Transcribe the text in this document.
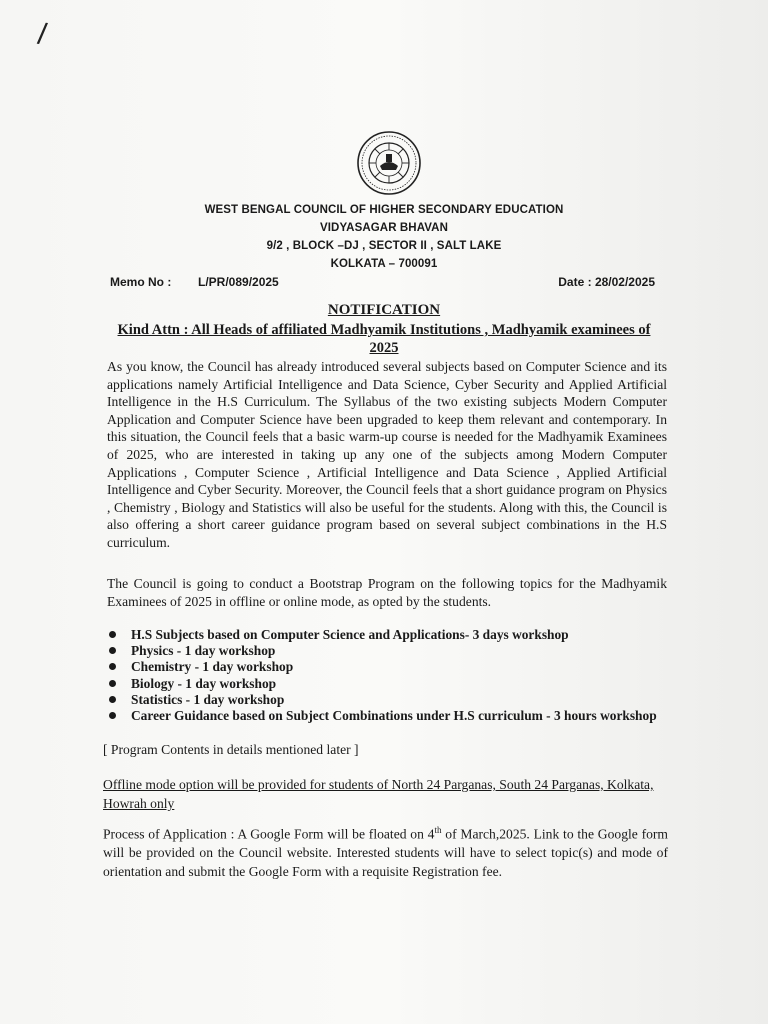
/
WEST BENGAL COUNCIL OF HIGHER SECONDARY EDUCATION
VIDYASAGAR BHAVAN
9/2 , BLOCK –DJ , SECTOR II , SALT LAKE
KOLKATA – 700091
Memo No : L/PR/089/2025	Date : 28/02/2025
NOTIFICATION
Kind Attn : All Heads of affiliated Madhyamik Institutions , Madhyamik examinees of 2025
As you know, the Council has already introduced several subjects based on Computer Science and its applications namely Artificial Intelligence and Data Science, Cyber Security and Applied Artificial Intelligence in the H.S Curriculum. The Syllabus of the two existing subjects Modern Computer Application and Computer Science have been upgraded to keep them relevant and contemporary. In this situation, the Council feels that a basic warm-up course is needed for the Madhyamik Examinees of 2025, who are interested in taking up any one of the subjects among Modern Computer Applications , Computer Science , Artificial Intelligence and Data Science , Applied Artificial Intelligence and Cyber Security. Moreover, the Council feels that a short guidance program on Physics , Chemistry , Biology and Statistics will also be useful for the students. Along with this, the Council is also offering a short career guidance program based on several subject combinations in the H.S curriculum.
The Council is going to conduct a Bootstrap Program on the following topics for the Madhyamik Examinees of 2025 in offline or online mode, as opted by the students.
H.S Subjects based on Computer Science and Applications- 3 days workshop
Physics - 1 day workshop
Chemistry - 1 day workshop
Biology - 1 day workshop
Statistics - 1 day workshop
Career Guidance based on Subject Combinations under H.S curriculum - 3 hours workshop
[ Program Contents in details mentioned later ]
Offline mode option will be provided for students of North 24 Parganas, South 24 Parganas, Kolkata, Howrah only
Process of Application : A Google Form will be floated on 4th of March,2025. Link to the Google form will be provided on the Council website. Interested students will have to select topic(s) and mode of orientation and submit the Google Form with a requisite Registration fee.
